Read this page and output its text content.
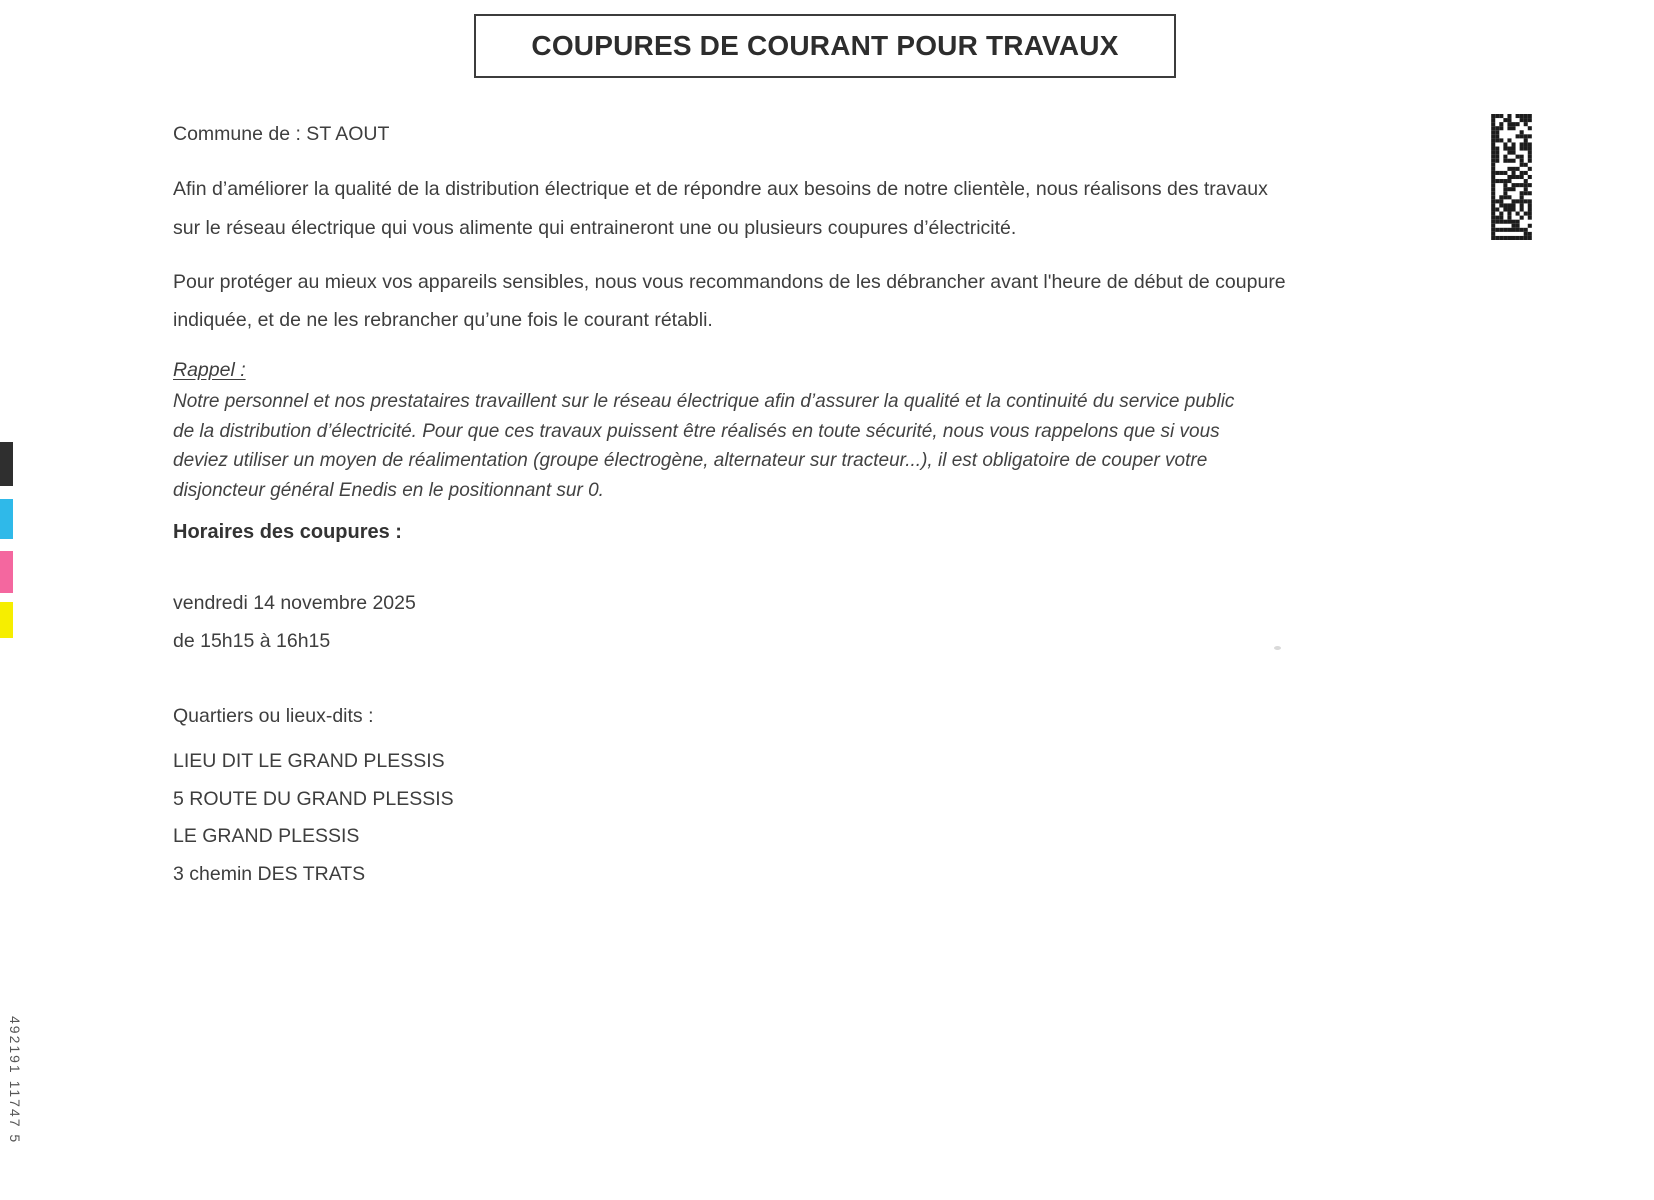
COUPURES DE COURANT POUR TRAVAUX
Commune de : ST AOUT
Afin d’améliorer la qualité de la distribution électrique et de répondre aux besoins de notre clientèle, nous réalisons des travaux
sur le réseau électrique qui vous alimente qui entraineront une ou plusieurs coupures d’électricité.
Pour protéger au mieux vos appareils sensibles, nous vous recommandons de les débrancher avant l'heure de début de coupure
indiquée, et de ne les rebrancher qu’une fois le courant rétabli.
Rappel :
Notre personnel et nos prestataires travaillent sur le réseau électrique afin d’assurer la qualité et la continuité du service public
de la distribution d’électricité. Pour que ces travaux puissent être réalisés en toute sécurité, nous vous rappelons que si vous
deviez utiliser un moyen de réalimentation (groupe électrogène, alternateur sur tracteur...), il est obligatoire de couper votre
disjoncteur général Enedis en le positionnant sur 0.
Horaires des coupures :
vendredi 14 novembre 2025
de 15h15 à 16h15
Quartiers ou lieux-dits :
LIEU DIT LE GRAND PLESSIS
5 ROUTE DU GRAND PLESSIS
LE GRAND PLESSIS
3 chemin DES TRATS
492191 11747 5
